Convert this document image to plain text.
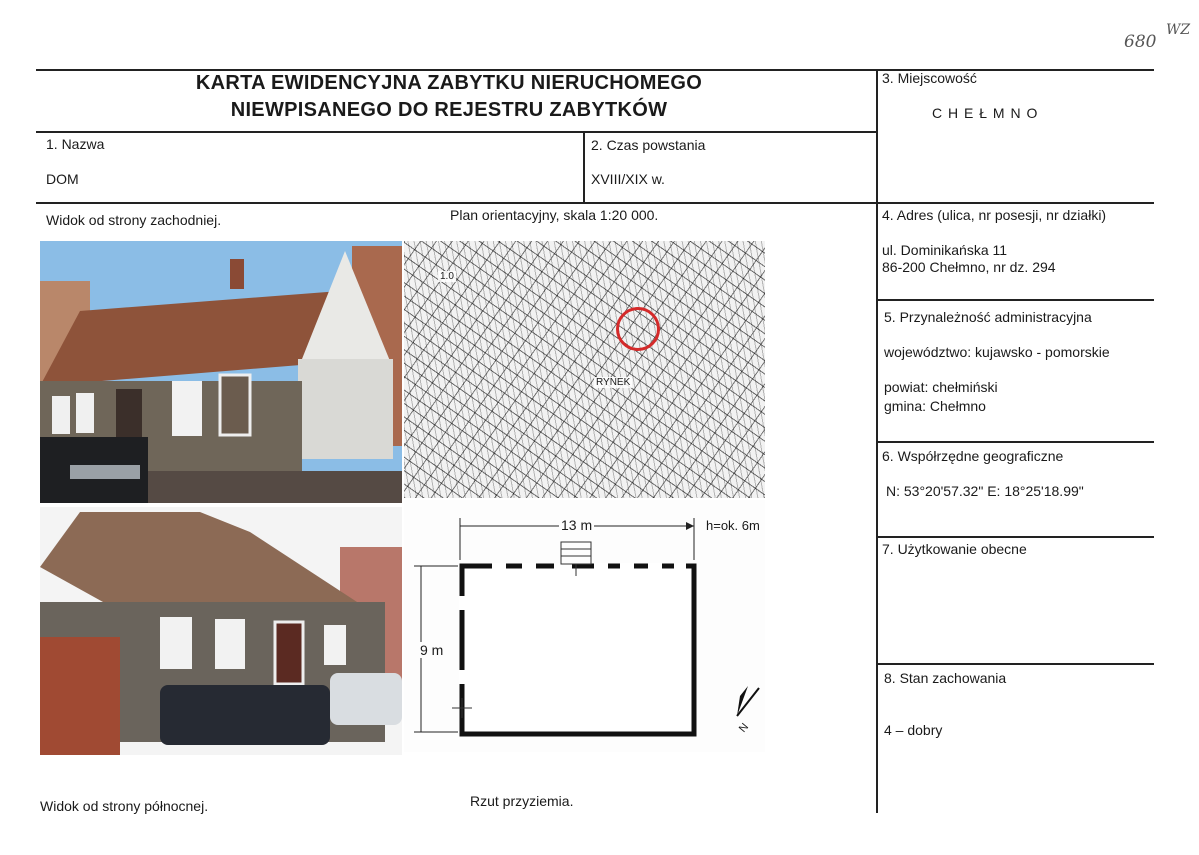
680
WZ
KARTA EWIDENCYJNA ZABYTKU NIERUCHOMEGO
NIEWPISANEGO DO REJESTRU ZABYTKÓW
1. Nazwa
DOM
2. Czas powstania
XVIII/XIX w.
3. Miejscowość
C H E Ł M N O
4. Adres (ulica, nr posesji, nr działki)
ul. Dominikańska 11
86-200 Chełmno, nr dz. 294
5. Przynależność administracyjna
województwo: kujawsko - pomorskie
powiat: chełmiński
gmina: Chełmno
6. Współrzędne geograficzne
N: 53°20'57.32" E: 18°25'18.99"
7. Użytkowanie obecne
8. Stan zachowania
4 – dobry
Widok od strony zachodniej.	Plan orientacyjny, skala 1:20 000.
Widok od strony północnej.	Rzut przyziemia.
RYNEK
1.0
13 m	h=ok. 6m
9 m
N
